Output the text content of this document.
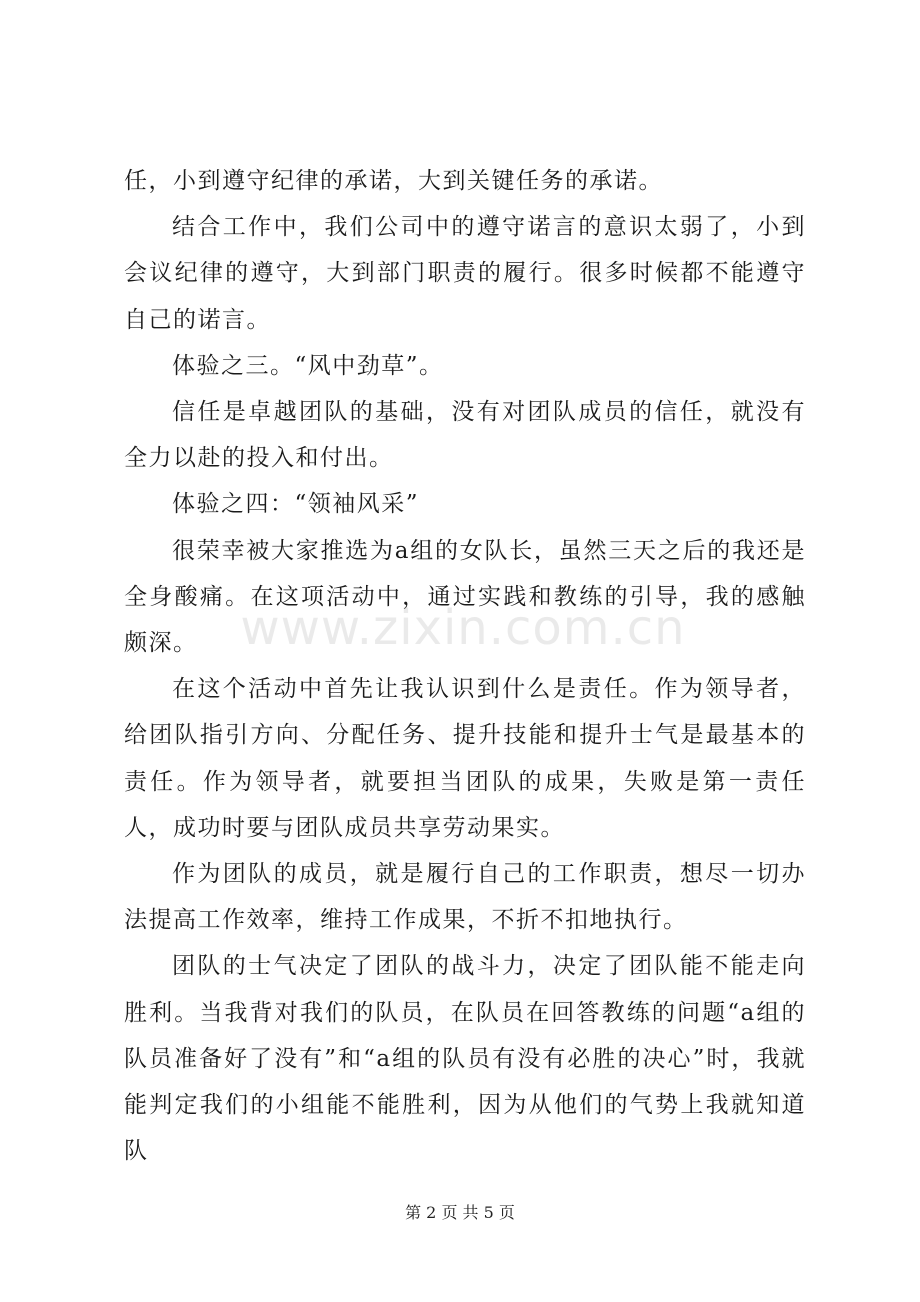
任，小到遵守纪律的承诺，大到关键任务的承诺。

结合工作中，我们公司中的遵守诺言的意识太弱了，小到会议纪律的遵守，大到部门职责的履行。很多时候都不能遵守自己的诺言。

体验之三。“风中劲草”。

信任是卓越团队的基础，没有对团队成员的信任，就没有全力以赴的投入和付出。

体验之四：“领袖风采”

很荣幸被大家推选为a组的女队长，虽然三天之后的我还是全身酸痛。在这项活动中，通过实践和教练的引导，我的感触颇深。

在这个活动中首先让我认识到什么是责任。作为领导者，给团队指引方向、分配任务、提升技能和提升士气是最基本的责任。作为领导者，就要担当团队的成果，失败是第一责任人，成功时要与团队成员共享劳动果实。

作为团队的成员，就是履行自己的工作职责，想尽一切办法提高工作效率，维持工作成果，不折不扣地执行。

团队的士气决定了团队的战斗力，决定了团队能不能走向胜利。当我背对我们的队员，在队员在回答教练的问题“a组的队员准备好了没有”和“a组的队员有没有必胜的决心”时，我就能判定我们的小组能不能胜利，因为从他们的气势上我就知道队

www.zixin.com.cn
第 2 页 共 5 页
